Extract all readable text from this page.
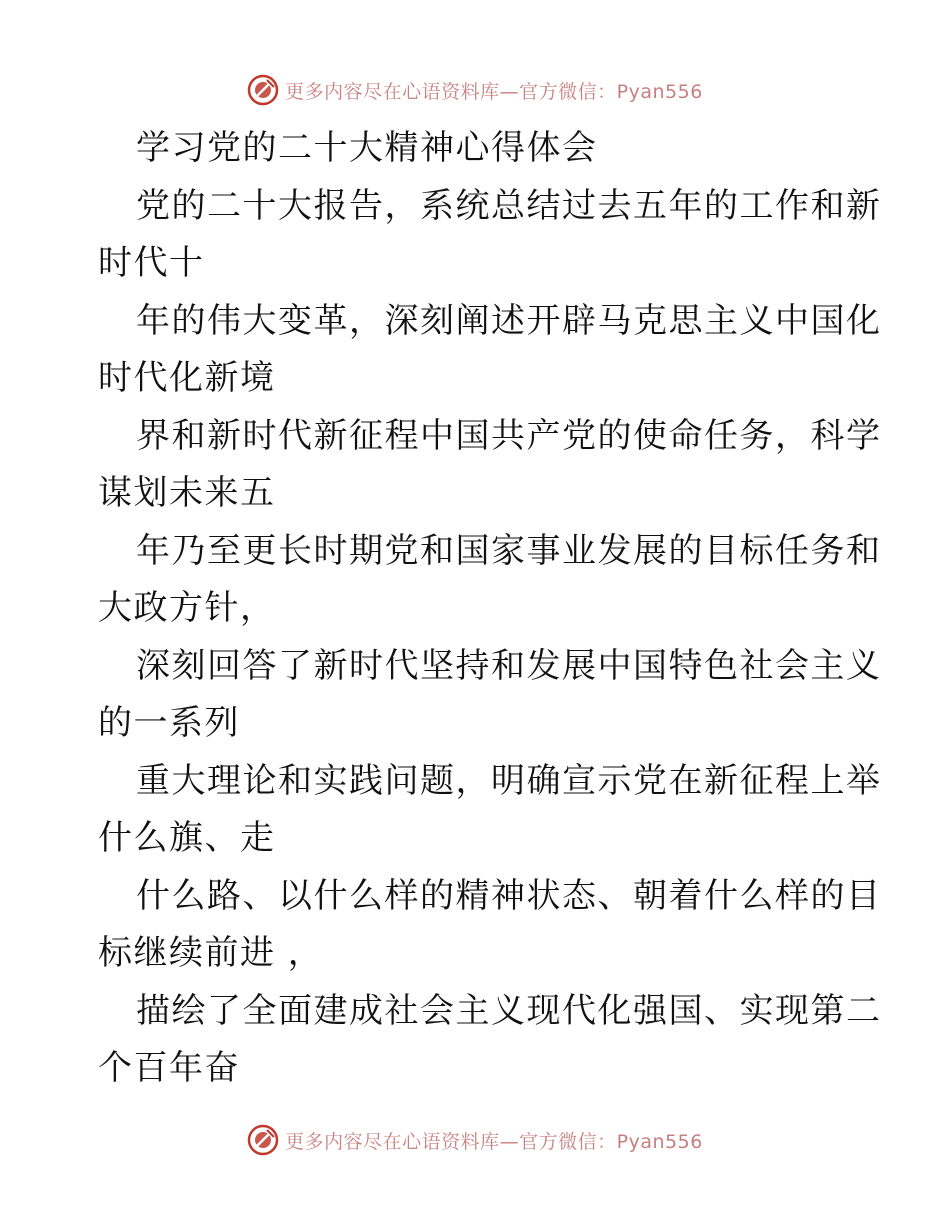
更多内容尽在心语资料库—官方微信：Pyan556
学习党的二十大精神心得体会
党的二十大报告，系统总结过去五年的工作和新
时代十
年的伟大变革，深刻阐述开辟马克思主义中国化
时代化新境
界和新时代新征程中国共产党的使命任务，科学
谋划未来五
年乃至更长时期党和国家事业发展的目标任务和
大政方针，
深刻回答了新时代坚持和发展中国特色社会主义
的一系列
重大理论和实践问题，明确宣示党在新征程上举
什么旗、走
什么路、以什么样的精神状态、朝着什么样的目
标继续前进 ，
描绘了全面建成社会主义现代化强国、实现第二
个百年奋
更多内容尽在心语资料库—官方微信：Pyan556
